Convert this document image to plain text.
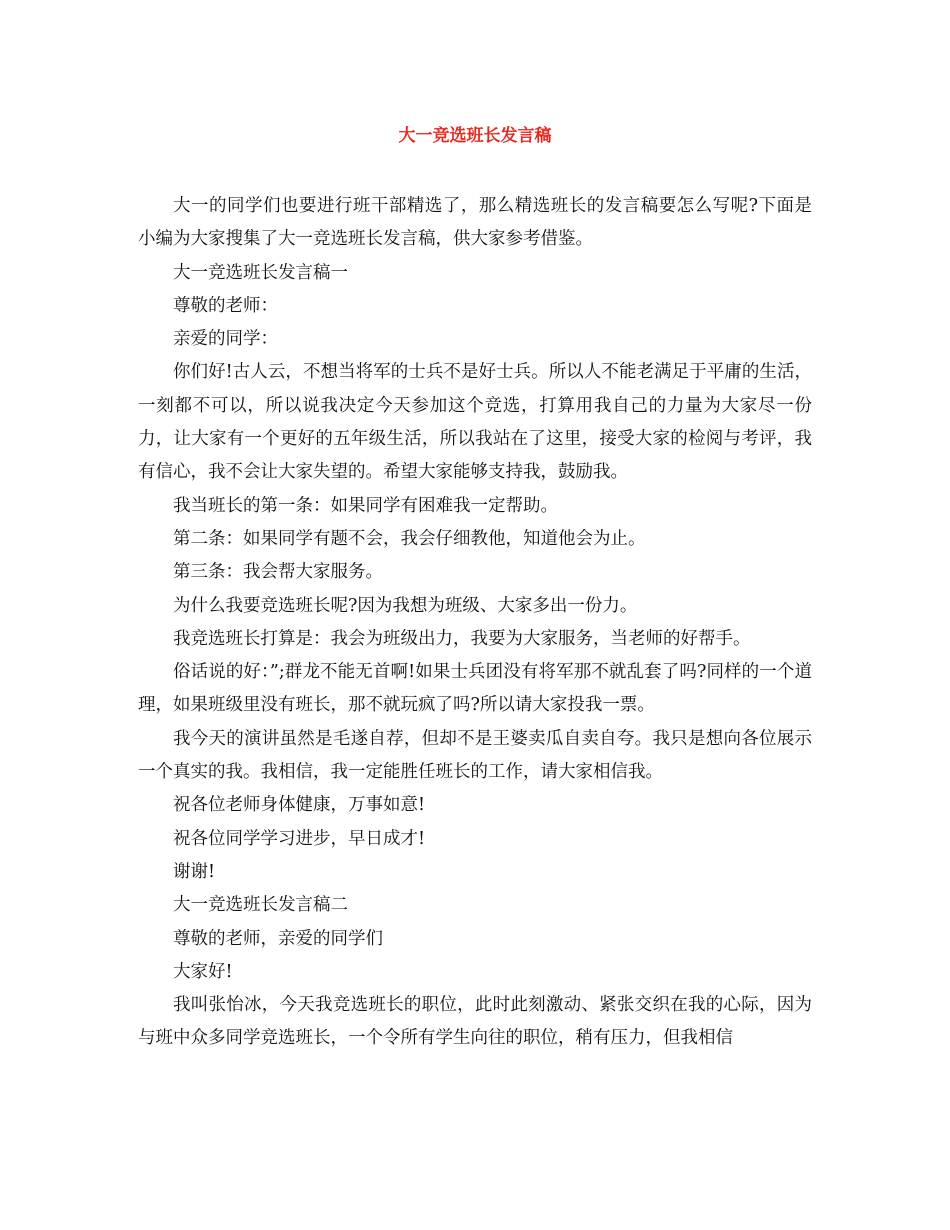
大一竞选班长发言稿

大一的同学们也要进行班干部精选了，那么精选班长的发言稿要怎么写呢?下面是小编为大家搜集了大一竞选班长发言稿，供大家参考借鉴。

大一竞选班长发言稿一

尊敬的老师：

亲爱的同学：

你们好!古人云，不想当将军的士兵不是好士兵。所以人不能老满足于平庸的生活，一刻都不可以，所以说我决定今天参加这个竞选，打算用我自己的力量为大家尽一份力，让大家有一个更好的五年级生活，所以我站在了这里，接受大家的检阅与考评，我有信心，我不会让大家失望的。希望大家能够支持我，鼓励我。

我当班长的第一条：如果同学有困难我一定帮助。

第二条：如果同学有题不会，我会仔细教他，知道他会为止。

第三条：我会帮大家服务。

为什么我要竞选班长呢?因为我想为班级、大家多出一份力。

我竞选班长打算是：我会为班级出力，我要为大家服务，当老师的好帮手。

俗话说的好：”;群龙不能无首啊!如果士兵团没有将军那不就乱套了吗?同样的一个道理，如果班级里没有班长，那不就玩疯了吗?所以请大家投我一票。

我今天的演讲虽然是毛遂自荐，但却不是王婆卖瓜自卖自夸。我只是想向各位展示一个真实的我。我相信，我一定能胜任班长的工作，请大家相信我。

祝各位老师身体健康，万事如意!

祝各位同学学习进步，早日成才!

谢谢!

大一竞选班长发言稿二

尊敬的老师，亲爱的同学们

大家好!

我叫张怡冰，今天我竞选班长的职位，此时此刻激动、紧张交织在我的心际，因为与班中众多同学竞选班长，一个令所有学生向往的职位，稍有压力，但我相信
